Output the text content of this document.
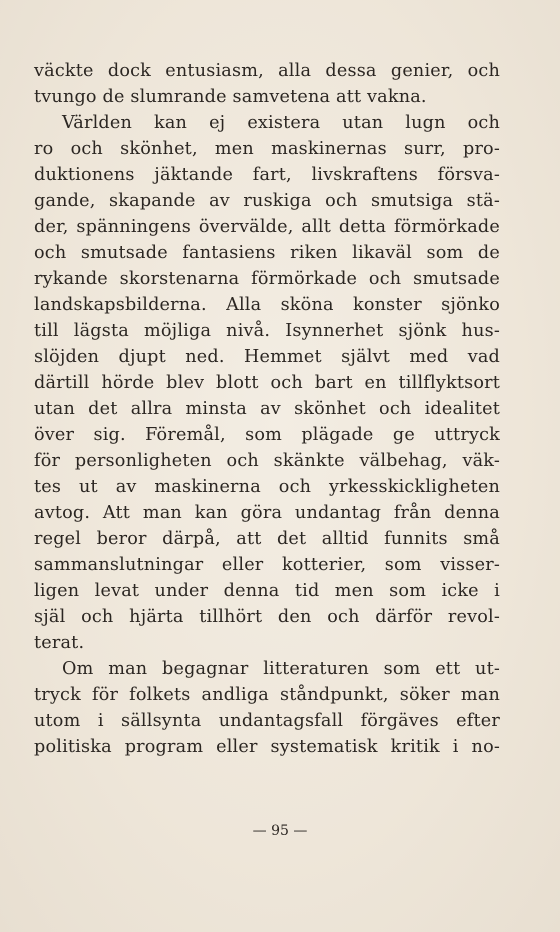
väckte dock entusiasm, alla dessa genier, och
tvungo de slumrande samvetena att vakna.
Världen kan ej existera utan lugn och
ro och skönhet, men maskinernas surr, pro-
duktionens jäktande fart, livskraftens försva-
gande, skapande av ruskiga och smutsiga stä-
der, spänningens övervälde, allt detta förmörkade
och smutsade fantasiens riken likaväl som de
rykande skorstenarna förmörkade och smutsade
landskapsbilderna. Alla sköna konster sjönko
till lägsta möjliga nivå. Isynnerhet sjönk hus-
slöjden djupt ned. Hemmet självt med vad
därtill hörde blev blott och bart en tillflyktsort
utan det allra minsta av skönhet och idealitet
över sig. Föremål, som plägade ge uttryck
för personligheten och skänkte välbehag, väk-
tes ut av maskinerna och yrkesskickligheten
avtog. Att man kan göra undantag från denna
regel beror därpå, att det alltid funnits små
sammanslutningar eller kotterier, som visser-
ligen levat under denna tid men som icke i
själ och hjärta tillhört den och därför revol-
terat.
Om man begagnar litteraturen som ett ut-
tryck för folkets andliga ståndpunkt, söker man
utom i sällsynta undantagsfall förgäves efter
politiska program eller systematisk kritik i no-
— 95 —
